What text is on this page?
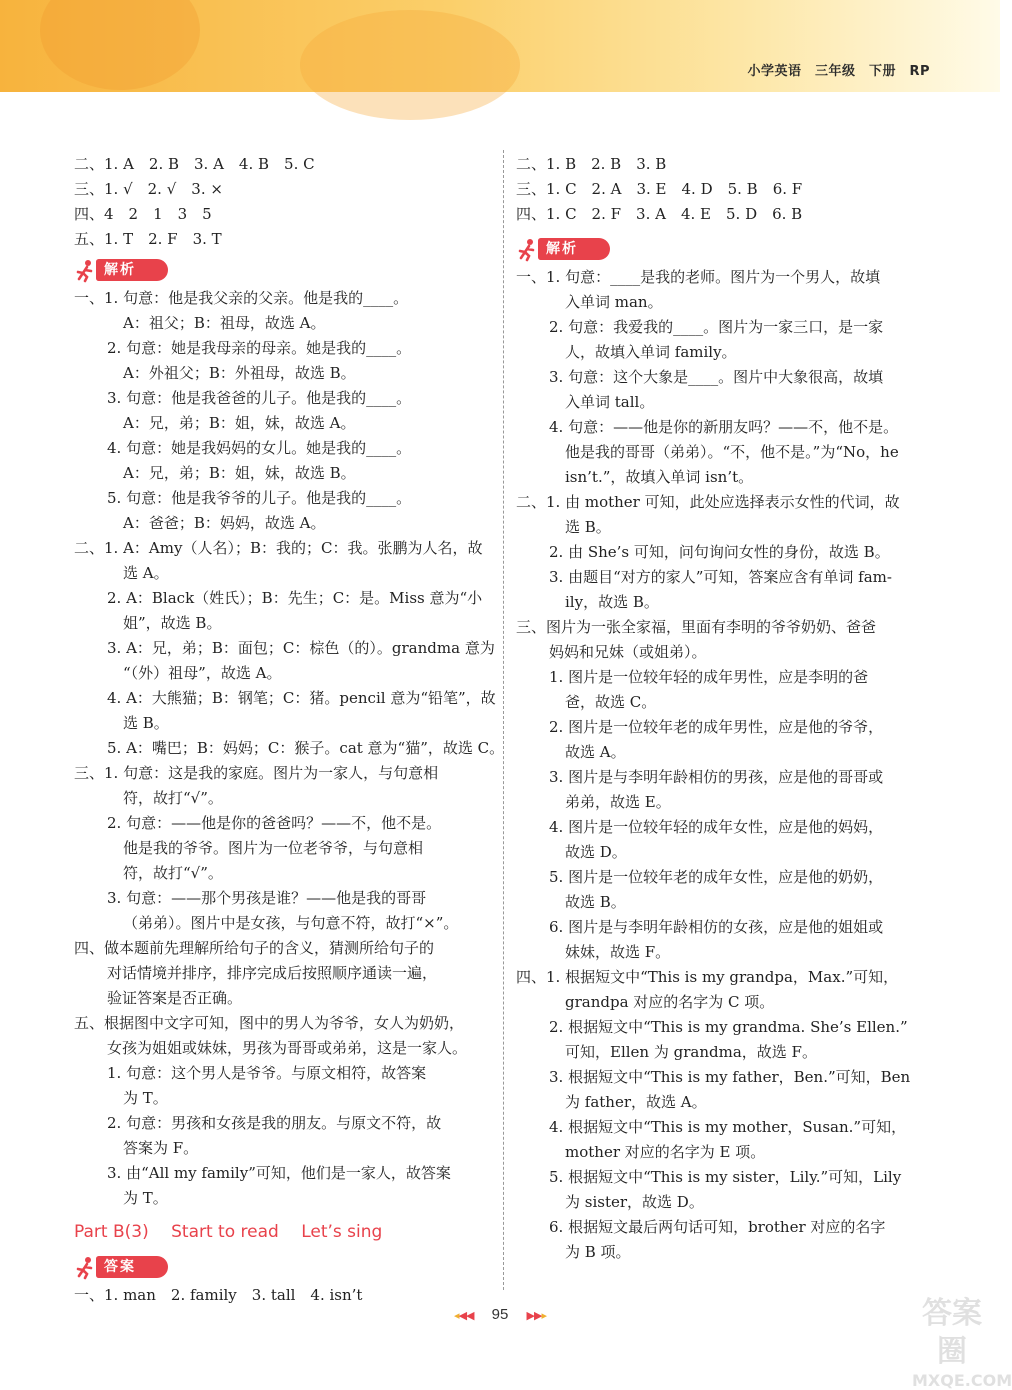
小学英语　三年级　下册　RP
二、1. A　2. B　3. A　4. B　5. C
三、1. √　2. √　3. ×
四、4　2　1　3　5
五、1. T　2. F　3. T
解析
一、1. 句意：他是我父亲的父亲。他是我的____。
A：祖父；B：祖母，故选 A。
2. 句意：她是我母亲的母亲。她是我的____。
A：外祖父；B：外祖母，故选 B。
3. 句意：他是我爸爸的儿子。他是我的____。
A：兄，弟；B：姐，妹，故选 A。
4. 句意：她是我妈妈的女儿。她是我的____。
A：兄，弟；B：姐，妹，故选 B。
5. 句意：他是我爷爷的儿子。他是我的____。
A：爸爸；B：妈妈，故选 A。
二、1. A：Amy（人名）；B：我的；C：我。张鹏为人名，故
选 A。
2. A：Black（姓氏）；B：先生；C：是。Miss 意为“小
姐”，故选 B。
3. A：兄，弟；B：面包；C：棕色（的）。grandma 意为
“（外）祖母”，故选 A。
4. A：大熊猫；B：钢笔；C：猪。pencil 意为“铅笔”，故
选 B。
5. A：嘴巴；B：妈妈；C：猴子。cat 意为“猫”，故选 C。
三、1. 句意：这是我的家庭。图片为一家人，与句意相
符，故打“√”。
2. 句意：——他是你的爸爸吗？——不，他不是。
他是我的爷爷。图片为一位老爷爷，与句意相
符，故打“√”。
3. 句意：——那个男孩是谁？——他是我的哥哥
（弟弟）。图片中是女孩，与句意不符，故打“×”。
四、做本题前先理解所给句子的含义，猜测所给句子的
对话情境并排序，排序完成后按照顺序通读一遍，
验证答案是否正确。
五、根据图中文字可知，图中的男人为爷爷，女人为奶奶，
女孩为姐姐或妹妹，男孩为哥哥或弟弟，这是一家人。
1. 句意：这个男人是爷爷。与原文相符，故答案
为 T。
2. 句意：男孩和女孩是我的朋友。与原文不符，故
答案为 F。
3. 由“All my family”可知，他们是一家人，故答案
为 T。
Part B(3)　 Start to read　 Let’s sing
答案
一、1. man　2. family　3. tall　4. isn’t
二、1. B　2. B　3. B
三、1. C　2. A　3. E　4. D　5. B　6. F
四、1. C　2. F　3. A　4. E　5. D　6. B
解析
一、1. 句意：____是我的老师。图片为一个男人，故填
入单词 man。
2. 句意：我爱我的____。图片为一家三口，是一家
人，故填入单词 family。
3. 句意：这个大象是____。图片中大象很高，故填
入单词 tall。
4. 句意：——他是你的新朋友吗？——不，他不是。
他是我的哥哥（弟弟）。“不，他不是。”为“No，he
isn’t.”，故填入单词 isn’t。
二、1. 由 mother 可知，此处应选择表示女性的代词，故
选 B。
2. 由 She’s 可知，问句询问女性的身份，故选 B。
3. 由题目“对方的家人”可知，答案应含有单词 fam-
ily，故选 B。
三、图片为一张全家福，里面有李明的爷爷奶奶、爸爸
妈妈和兄妹（或姐弟）。
1. 图片是一位较年轻的成年男性，应是李明的爸
爸，故选 C。
2. 图片是一位较年老的成年男性，应是他的爷爷，
故选 A。
3. 图片是与李明年龄相仿的男孩，应是他的哥哥或
弟弟，故选 E。
4. 图片是一位较年轻的成年女性，应是他的妈妈，
故选 D。
5. 图片是一位较年老的成年女性，应是他的奶奶，
故选 B。
6. 图片是与李明年龄相仿的女孩，应是他的姐姐或
妹妹，故选 F。
四、1. 根据短文中“This is my grandpa，Max.”可知，
grandpa 对应的名字为 C 项。
2. 根据短文中“This is my grandma. She’s Ellen.”
可知，Ellen 为 grandma，故选 F。
3. 根据短文中“This is my father，Ben.”可知，Ben
为 father，故选 A。
4. 根据短文中“This is my mother，Susan.”可知，
mother 对应的名字为 E 项。
5. 根据短文中“This is my sister，Lily.”可知，Lily
为 sister，故选 D。
6. 根据短文最后两句话可知，brother 对应的名字
为 B 项。
◂◀◀ 95 ▶▶▸	答案圈
MXQE.COM
